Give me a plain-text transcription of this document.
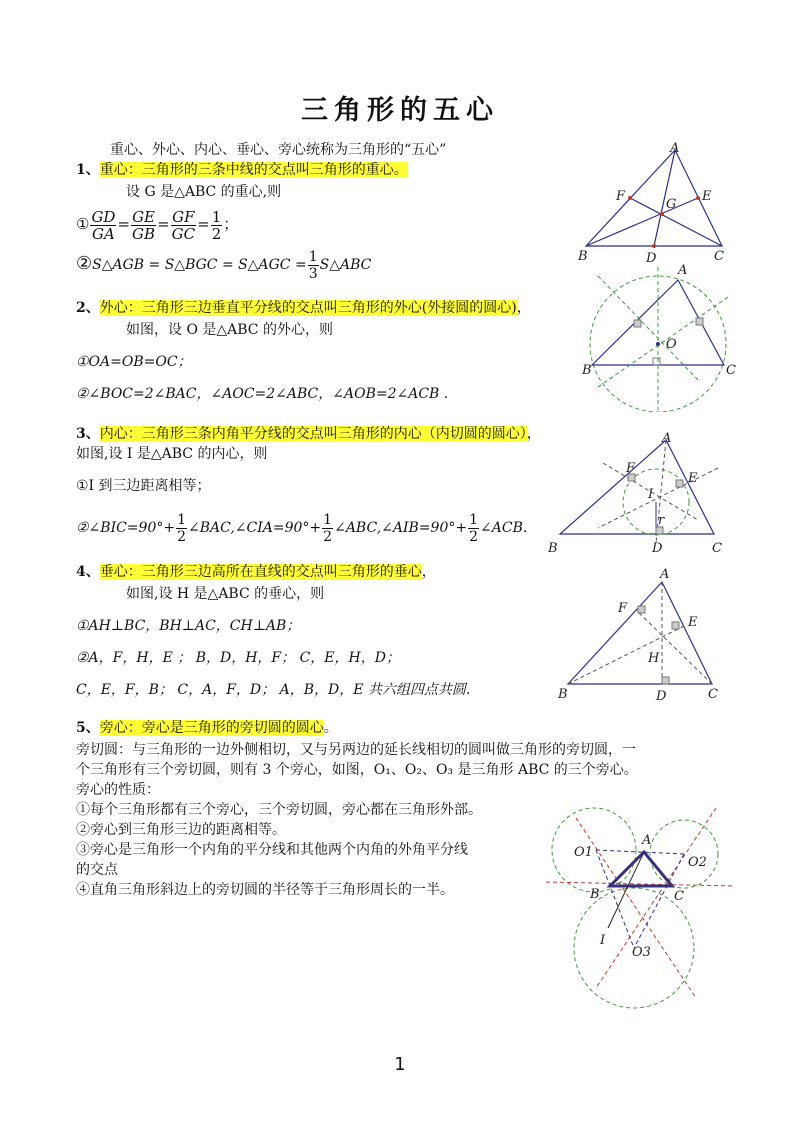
三角形的五心
重心、外心、内心、垂心、旁心统称为三角形的“五心”
1、重心：三角形的三条中线的交点叫三角形的重心。
设 G 是△ABC 的重心,则
① $\frac{GD}{GA} = \frac{GE}{GB} = \frac{GF}{GC} = \frac{1}{2}$ ；
②S△AGB = S△BGC = S△AGC = $\frac{1}{3}$ S△ABC
A
B	C
D
E
F
G
2、外心：三角形三边垂直平分线的交点叫三角形的外心(外接圆的圆心)，
如图，设 O 是△ABC 的外心，则
①OA=OB=OC；
②∠BOC=2∠BAC，∠AOC=2∠ABC，∠AOB=2∠ACB .
A
B	C
O
3、内心：三角形三条内角平分线的交点叫三角形的内心（内切圆的圆心），
如图,设 I 是△ABC 的内心，则
①I 到三边距离相等；
②∠BIC=90°+ $\frac{1}{2}$ ∠BAC,∠CIA=90°+ $\frac{1}{2}$ ∠ABC,∠AIB=90°+ $\frac{1}{2}$ ∠ACB.
A
B	C
D
E
F
I
r
4、垂心：三角形三边高所在直线的交点叫三角形的垂心，
如图,设 H 是△ABC 的垂心，则
①AH⊥BC，BH⊥AC，CH⊥AB；
②A，F，H，E ； B，D，H，F； C，E，H，D；
C，E，F，B； C，A，F，D； A，B，D，E 共六组四点共圆.
A
B	C
D
E
F
H
5、旁心：旁心是三角形的旁切圆的圆心。
旁切圆：与三角形的一边外侧相切，又与另两边的延长线相切的圆叫做三角形的旁切圆，一
个三角形有三个旁切圆，则有 3 个旁心，如图，O₁、O₂、O₃ 是三角形 ABC 的三个旁心。
旁心的性质：
①每个三角形都有三个旁心，三个旁切圆，旁心都在三角形外部。
②旁心到三角形三边的距离相等。
③旁心是三角形一个内角的平分线和其他两个内角的外角平分线
的交点
④直角三角形斜边上的旁切圆的半径等于三角形周长的一半。
A
B	C
O1
O2
O3
I
1
